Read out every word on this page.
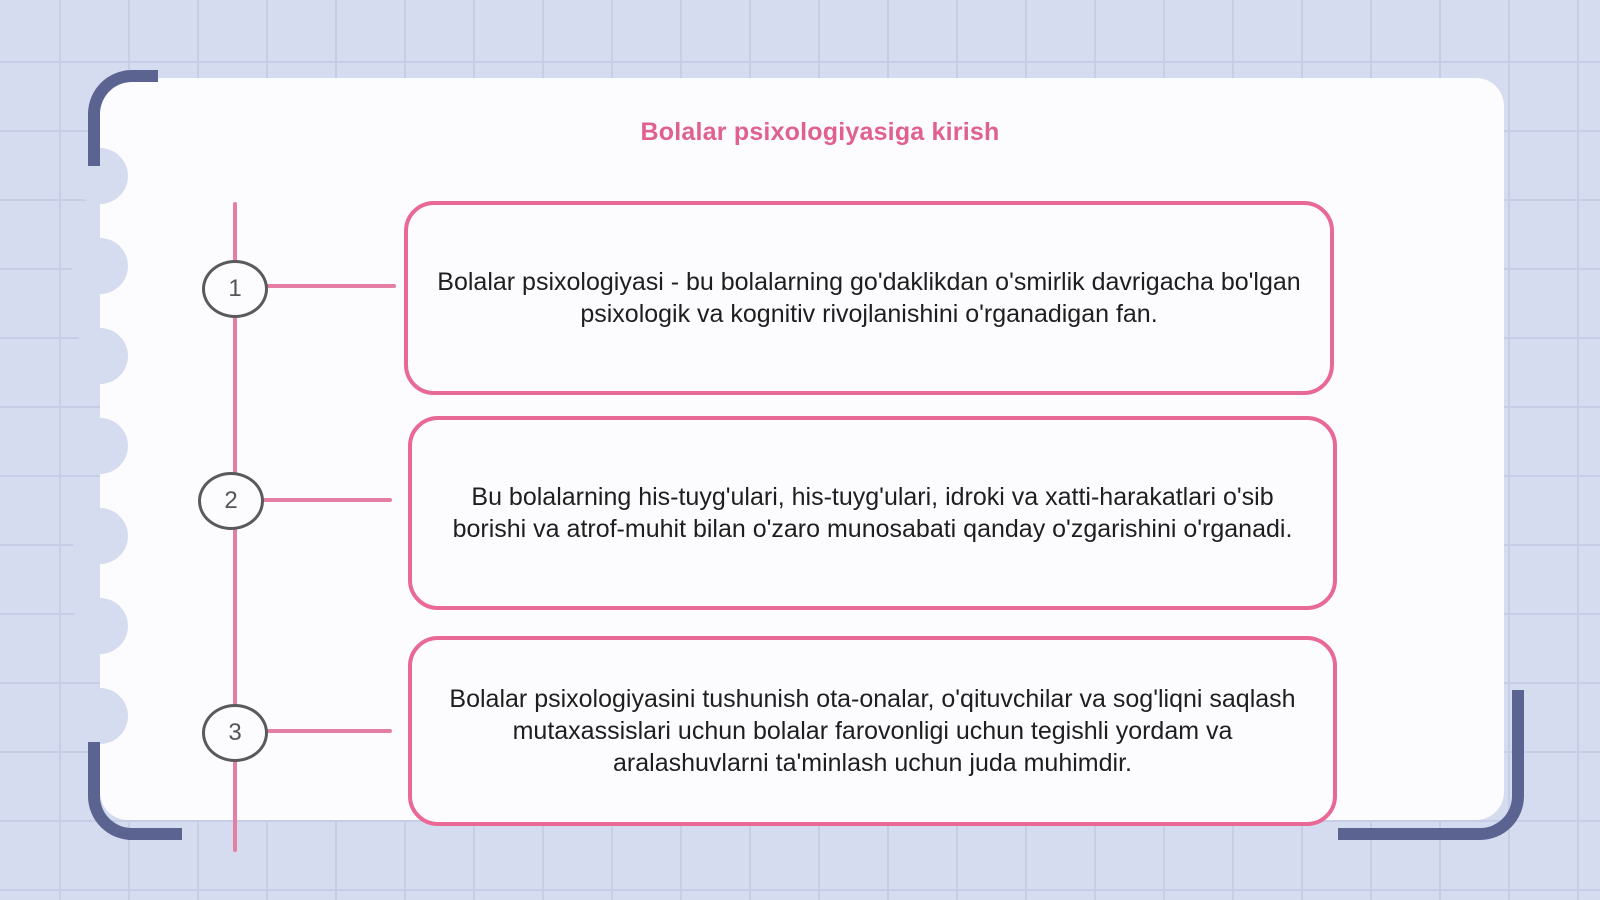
Bolalar psixologiyasiga kirish
1	Bolalar psixologiyasi - bu bolalarning go'daklikdan o'smirlik davrigacha bo'lgan psixologik va kognitiv rivojlanishini o'rganadigan fan.

2	Bu bolalarning his-tuyg'ulari, his-tuyg'ulari, idroki va xatti-harakatlari o'sib borishi va atrof-muhit bilan o'zaro munosabati qanday o'zgarishini o'rganadi.

3

Bolalar psixologiyasini tushunish ota-onalar, o'qituvchilar va sog'liqni saqlash mutaxassislari uchun bolalar farovonligi uchun tegishli yordam va aralashuvlarni ta'minlash uchun juda muhimdir.
